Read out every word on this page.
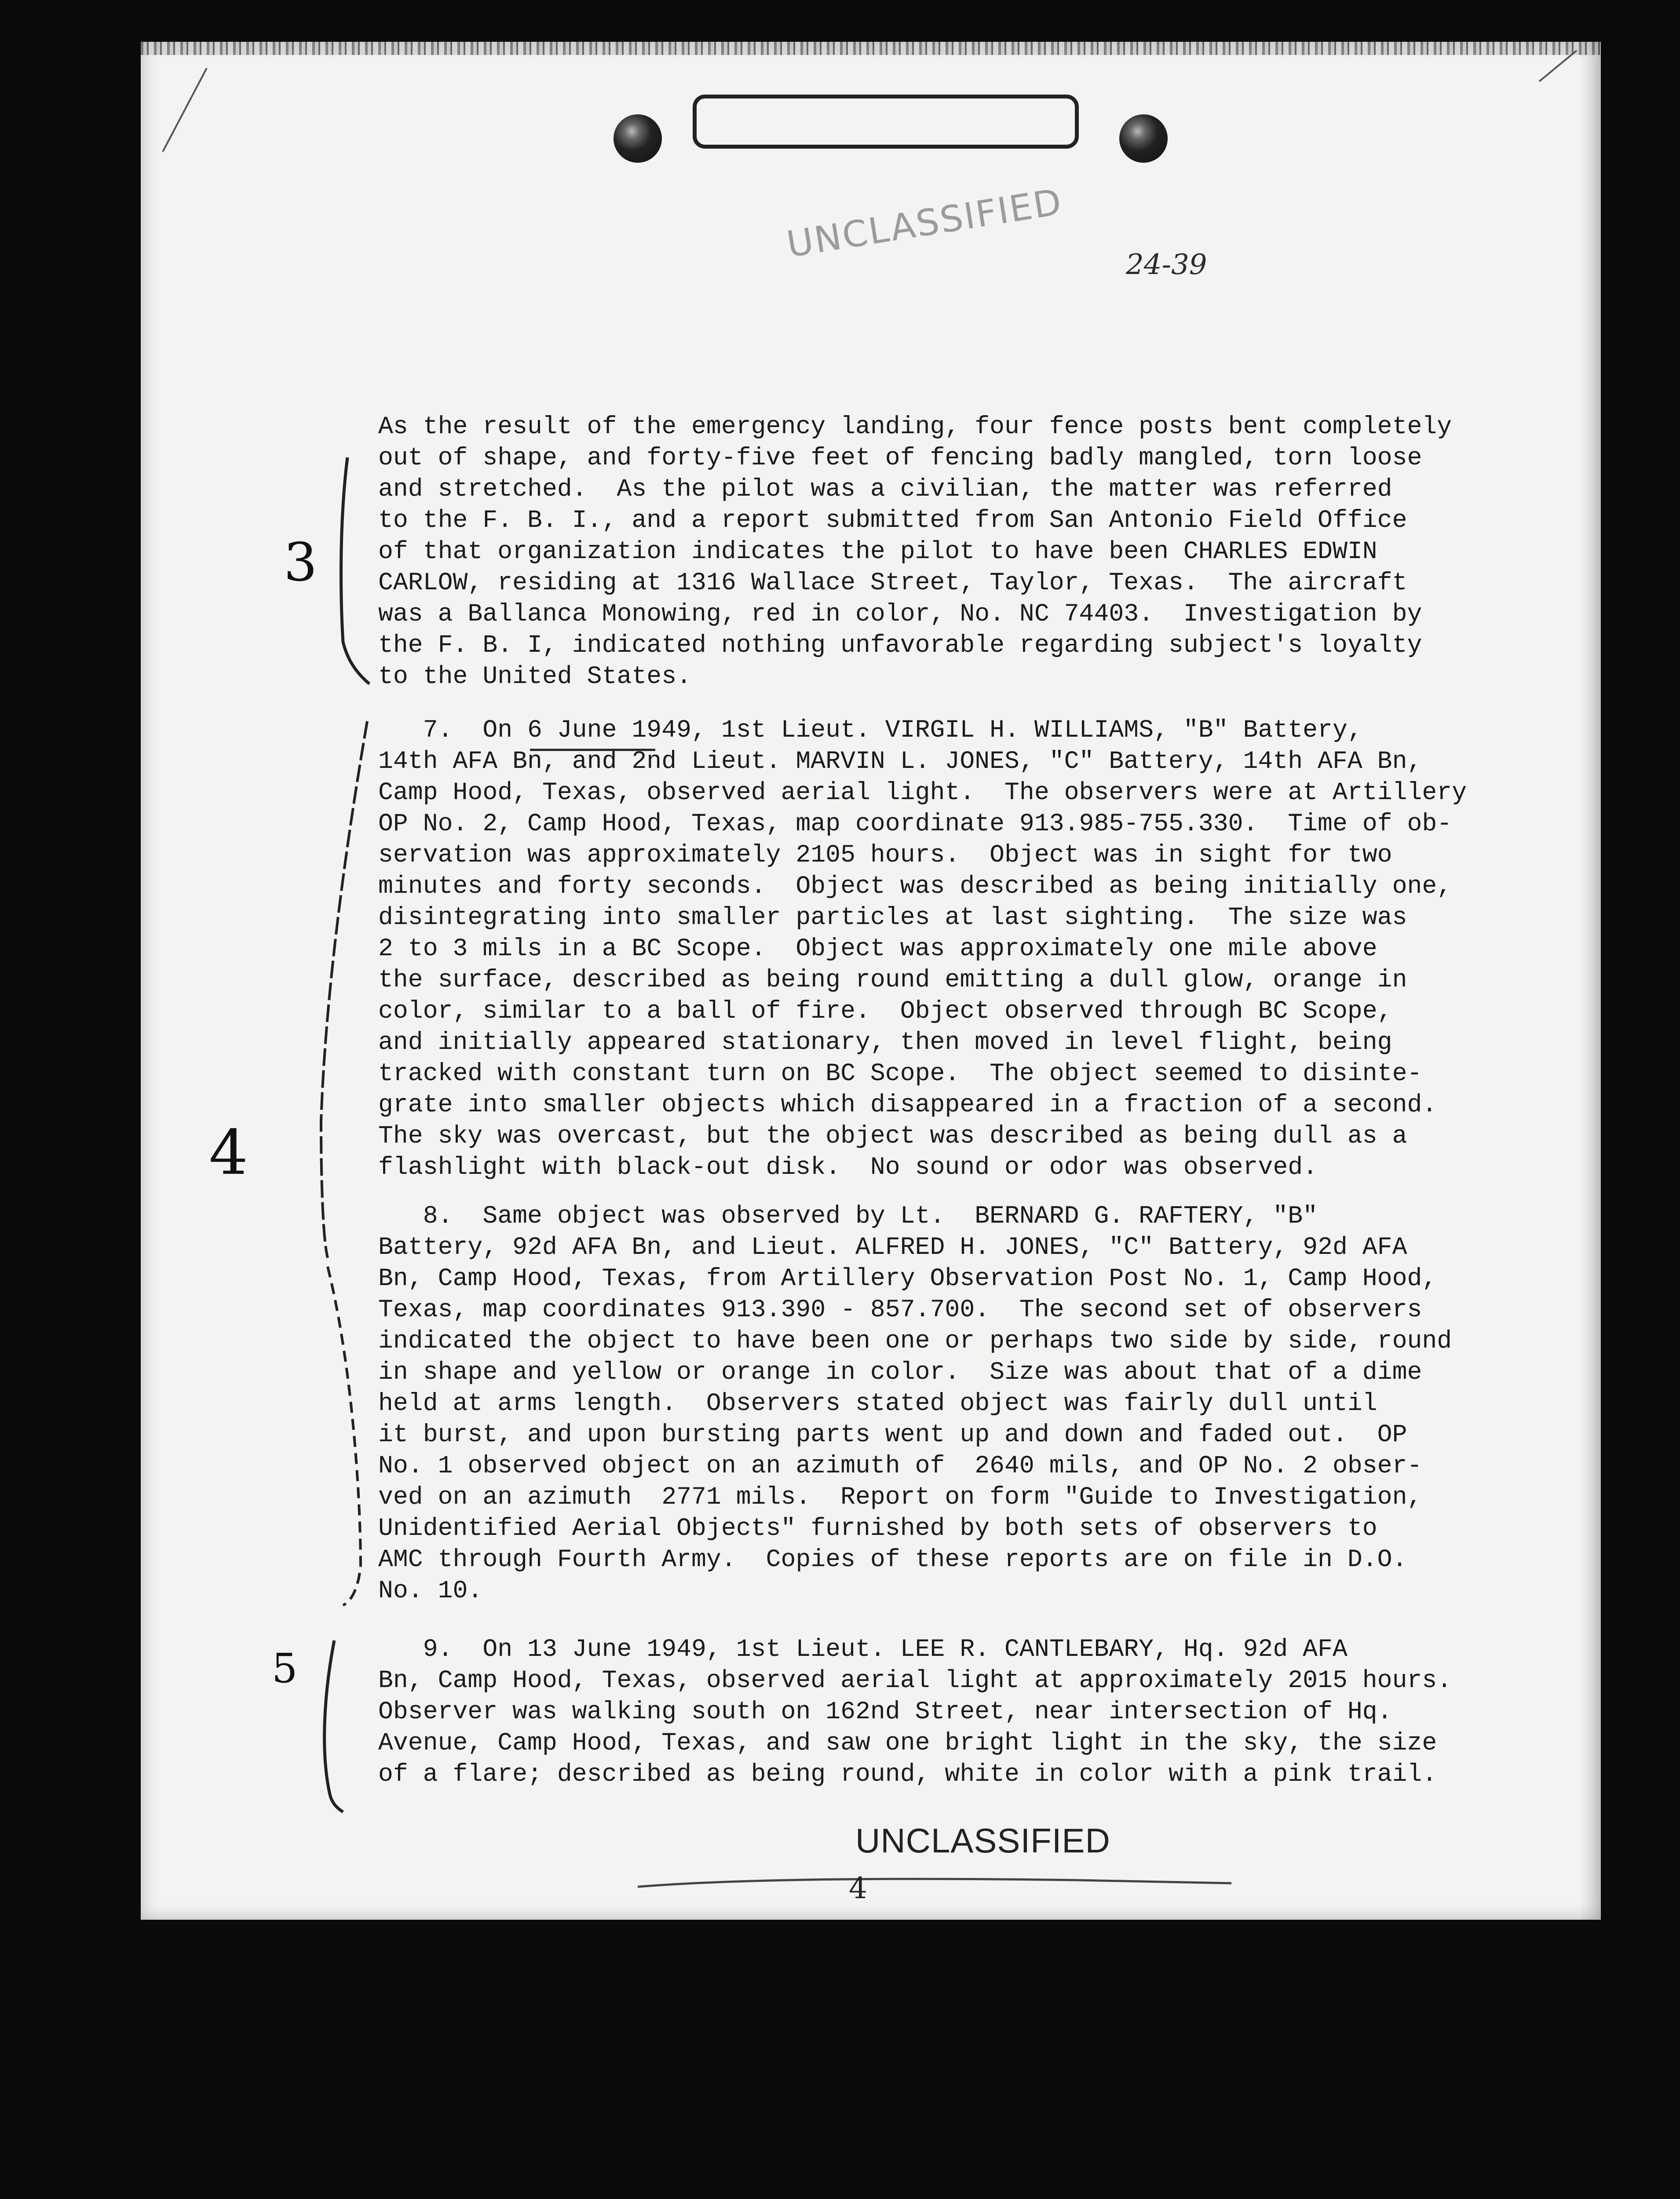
UNCLASSIFIED 24-39
As the result of the emergency landing, four fence posts bent completely
out of shape, and forty-five feet of fencing badly mangled, torn loose
and stretched.  As the pilot was a civilian, the matter was referred
to the F. B. I., and a report submitted from San Antonio Field Office
of that organization indicates the pilot to have been CHARLES EDWIN
CARLOW, residing at 1316 Wallace Street, Taylor, Texas.  The aircraft
was a Ballanca Monowing, red in color, No. NC 74403.  Investigation by
the F. B. I, indicated nothing unfavorable regarding subject's loyalty
to the United States.
7.  On 6 June 1949, 1st Lieut. VIRGIL H. WILLIAMS, "B" Battery,
14th AFA Bn, and 2nd Lieut. MARVIN L. JONES, "C" Battery, 14th AFA Bn,
Camp Hood, Texas, observed aerial light.  The observers were at Artillery
OP No. 2, Camp Hood, Texas, map coordinate 913.985-755.330.  Time of ob-
servation was approximately 2105 hours.  Object was in sight for two
minutes and forty seconds.  Object was described as being initially one,
disintegrating into smaller particles at last sighting.  The size was
2 to 3 mils in a BC Scope.  Object was approximately one mile above
the surface, described as being round emitting a dull glow, orange in
color, similar to a ball of fire.  Object observed through BC Scope,
and initially appeared stationary, then moved in level flight, being
tracked with constant turn on BC Scope.  The object seemed to disinte-
grate into smaller objects which disappeared in a fraction of a second.
The sky was overcast, but the object was described as being dull as a
flashlight with black-out disk.  No sound or odor was observed.
8.  Same object was observed by Lt.  BERNARD G. RAFTERY, "B"
Battery, 92d AFA Bn, and Lieut. ALFRED H. JONES, "C" Battery, 92d AFA
Bn, Camp Hood, Texas, from Artillery Observation Post No. 1, Camp Hood,
Texas, map coordinates 913.390 - 857.700.  The second set of observers
indicated the object to have been one or perhaps two side by side, round
in shape and yellow or orange in color.  Size was about that of a dime
held at arms length.  Observers stated object was fairly dull until
it burst, and upon bursting parts went up and down and faded out.  OP
No. 1 observed object on an azimuth of  2640 mils, and OP No. 2 obser-
ved on an azimuth  2771 mils.  Report on form "Guide to Investigation,
Unidentified Aerial Objects" furnished by both sets of observers to
AMC through Fourth Army.  Copies of these reports are on file in D.O.
No. 10.
9.  On 13 June 1949, 1st Lieut. LEE R. CANTLEBARY, Hq. 92d AFA
Bn, Camp Hood, Texas, observed aerial light at approximately 2015 hours.
Observer was walking south on 162nd Street, near intersection of Hq.
Avenue, Camp Hood, Texas, and saw one bright light in the sky, the size
of a flare; described as being round, white in color with a pink trail.
3
4
5
UNCLASSIFIED
4
